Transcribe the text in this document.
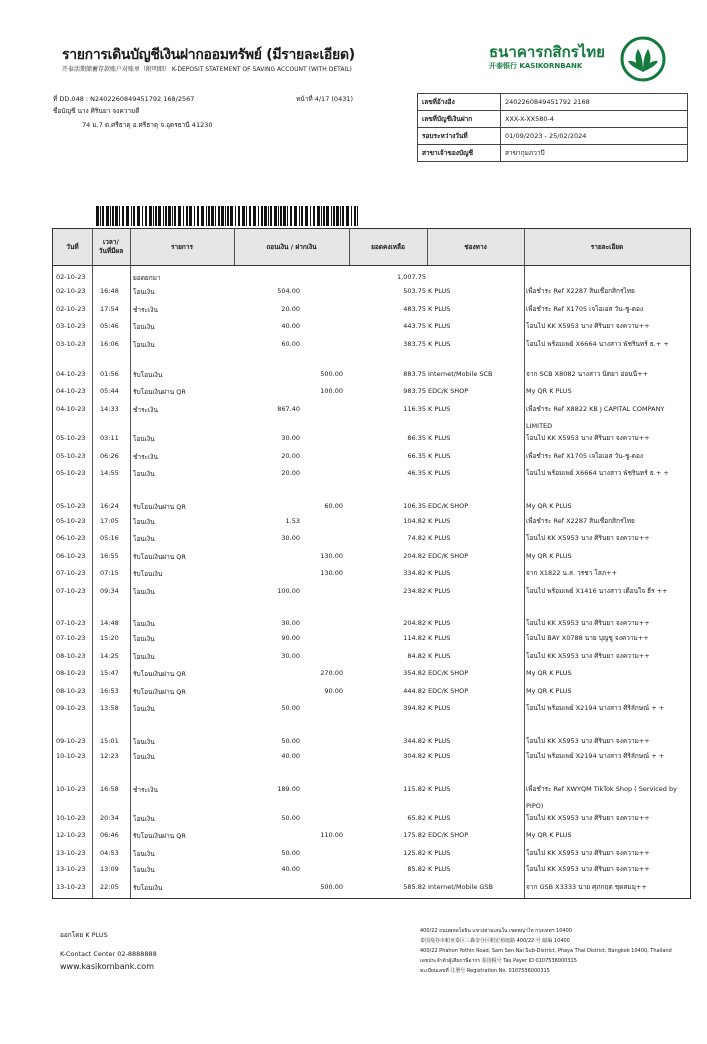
รายการเดินบัญชีเงินฝากออมทรัพย์ (มีรายละเอียด)
开泰活期储蓄存款账户对账单（附明细） K-DEPOSIT STATEMENT OF SAVING ACCOUNT (WITH DETAIL)
ธนาคารกสิกรไทย
开泰银行 KASIKORNBANK
ที่ DD.048 : N2402260849451792 168/2567
ชื่อบัญชี นาง ศิรินยา จงความดี
74 ม.7 ต.ศรีธาตุ อ.ศรีธาตุ จ.อุดรธานี 41230
หน้าที่ 4/17 (0431)	เลขที่อ้างอิง	2402260849451792 2168
เลขที่บัญชีเงินฝาก	XXX-X-XX580-4
รอบระหว่างวันที่	01/09/2023 - 25/02/2024
สาขาเจ้าของบัญชี	สาขากุมภวาปี
วันที่
เวลา/
วันที่มีผล
รายการ	ถอนเงิน / ฝากเงิน	ยอดคงเหลือ	ช่องทาง	รายละเอียด
02-10-23	ยอดยกมา	1,007.75
02-10-23 16:48 โอนเงิน	504.00	503.75 K PLUS	เพื่อชำระ Ref X2287 สินเชื่อกสิกรไทย
02-10-23 17:54 ชำระเงิน	20.00	483.75 K PLUS	เพื่อชำระ Ref X1705 เจไอเอส วัน-ชู-ดอง
03-10-23 05:46 โอนเงิน	40.00	443.75 K PLUS	โอนไป KK X5953 นาง ศิรินยา จงความ++
03-10-23 16:06 โอนเงิน	60.00	383.75 K PLUS	โอนไป พร้อมเพย์ X6664 นางสาว พัชรินทร์ ธ.+ +
04-10-23 01:56 รับโอนเงิน	500.00	883.75 Internet/Mobile SCB	จาก SCB X8082 นางสาว นิตยา อ่อนนี++
04-10-23 05:44 รับโอนเงินผ่าน QR	100.00	983.75 EDC/K SHOP	My QR K PLUS
04-10-23 14:33 ชำระเงิน	867.40	116.35 K PLUS	เพื่อชำระ Ref X8822 KB J CAPITAL COMPANY LIMITED
05-10-23 03:11 โอนเงิน	30.00	86.35 K PLUS	โอนไป KK X5953 นาง ศิรินยา จงความ++
05-10-23 06:26 ชำระเงิน	20.00	66.35 K PLUS	เพื่อชำระ Ref X1705 เจไอเอส วัน-ชู-ดอง
05-10-23 14:55 โอนเงิน	20.00	46.35 K PLUS	โอนไป พร้อมเพย์ X6664 นางสาว พัชรินทร์ ธ.+ +
05-10-23 16:24 รับโอนเงินผ่าน QR	60.00	106.35 EDC/K SHOP	My QR K PLUS
05-10-23 17:05 โอนเงิน	1.53	104.82 K PLUS	เพื่อชำระ Ref X2287 สินเชื่อกสิกรไทย
06-10-23 05:16 โอนเงิน	30.00	74.82 K PLUS	โอนไป KK X5953 นาง ศิรินยา จงความ++
06-10-23 16:55 รับโอนเงินผ่าน QR	130.00	204.82 EDC/K SHOP	My QR K PLUS
07-10-23 07:15 รับโอนเงิน	130.00	334.82 K PLUS	จาก X1822 น.ส. วรชา โสภ++
07-10-23 09:34 โอนเงิน	100.00	234.82 K PLUS	โอนไป พร้อมเพย์ X1416 นางสาว เดือนใจ ธีร ++
07-10-23 14:48 โอนเงิน	30.00	204.82 K PLUS	โอนไป KK X5953 นาง ศิรินยา จงความ++
07-10-23 15:20 โอนเงิน	90.00	114.82 K PLUS	โอนไป BAY X0788 นาย บุญชู จงความ++
08-10-23 14:25 โอนเงิน	30.00	84.82 K PLUS	โอนไป KK X5953 นาง ศิรินยา จงความ++
08-10-23 15:47 รับโอนเงินผ่าน QR	270.00	354.82 EDC/K SHOP	My QR K PLUS
08-10-23 16:53 รับโอนเงินผ่าน QR	90.00	444.82 EDC/K SHOP	My QR K PLUS
09-10-23 13:58 โอนเงิน	50.00	394.82 K PLUS	โอนไป พร้อมเพย์ X2194 นางสาว ศิริลักษณ์ + +
09-10-23 15:01 โอนเงิน	50.00	344.82 K PLUS	โอนไป KK X5953 นาง ศิรินยา จงความ++
10-10-23 12:23 โอนเงิน	40.00	304.82 K PLUS	โอนไป พร้อมเพย์ X2194 นางสาว ศิริลักษณ์ + +
10-10-23 16:58 ชำระเงิน	189.00	115.82 K PLUS	เพื่อชำระ Ref XWYQM TikTok Shop ( Serviced by PIPO)
10-10-23 20:34 โอนเงิน	50.00	65.82 K PLUS	โอนไป KK X5953 นาง ศิรินยา จงความ++
12-10-23 06:46 รับโอนเงินผ่าน QR	110.00	175.82 EDC/K SHOP	My QR K PLUS
13-10-23 04:53 โอนเงิน	50.00	125.82 K PLUS	โอนไป KK X5953 นาง ศิรินยา จงความ++
13-10-23 13:09 โอนเงิน	40.00	85.82 K PLUS	โอนไป KK X5953 นาง ศิรินยา จงความ++
13-10-23 22:05 รับโอนเงิน	500.00	585.82 Internet/Mobile GSB	จาก GSB X3333 นาย ศุภกฤต ชุดสมมุ++
ออกโดย K PLUS
K-Contact Center 02-8888888
www.kasikornbank.com
400/22 ถนนพหลโยธิน แขวงสามเสนใน เขตพญาไท กรุงเทพฯ 10400
泰国曼谷市帕亚泰区三森奈分区帕宏裕庭路 400/22 号 邮编 10400
400/22 Phahon Yothin Road, Sam Sen Nai Sub-District, Phaya Thai District, Bangkok 10400, Thailand
เลขประจำตัวผู้เสียภาษีอากร 泰国税号 Tax Payer ID 0107536000315
ทะเบียนเลขที่ 注册号 Registration No. 0107536000315
